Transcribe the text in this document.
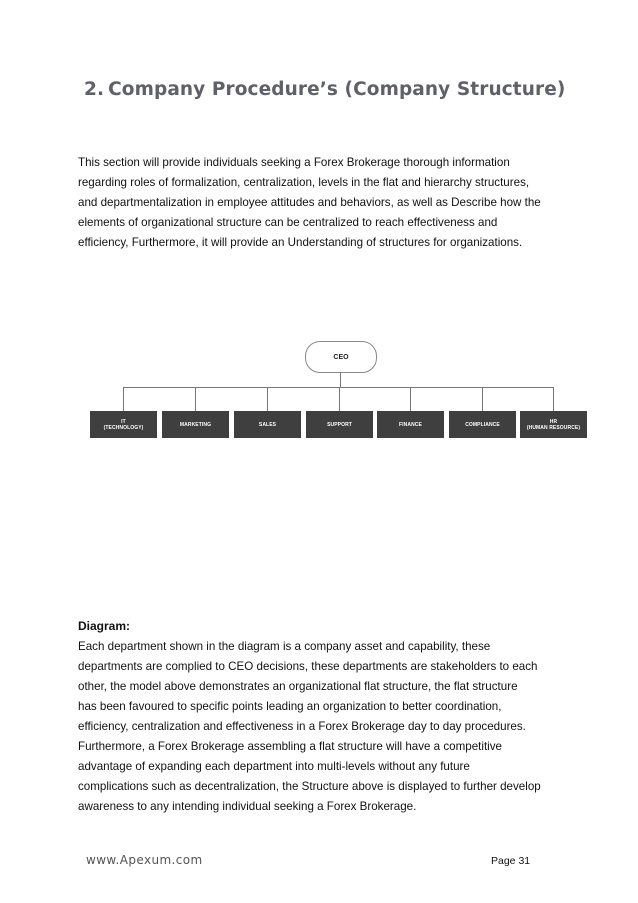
2. Company Procedure’s (Company Structure)

This section will provide individuals seeking a Forex Brokerage thorough information
regarding roles of formalization, centralization, levels in the flat and hierarchy structures,
and departmentalization in employee attitudes and behaviors, as well as Describe how the
elements of organizational structure can be centralized to reach effectiveness and
efficiency, Furthermore, it will provide an Understanding of structures for organizations.

CEO
IT
(TECHNOLOGY)	MARKETING	SALES	SUPPORT	FINANCE	COMPLIANCE	HR
(HUMAN RESOURCE)
Diagram:

Each department shown in the diagram is a company asset and capability, these
departments are complied to CEO decisions, these departments are stakeholders to each
other, the model above demonstrates an organizational flat structure, the flat structure
has been favoured to specific points leading an organization to better coordination,
efficiency, centralization and effectiveness in a Forex Brokerage day to day procedures.
Furthermore, a Forex Brokerage assembling a flat structure will have a competitive
advantage of expanding each department into multi-levels without any future
complications such as decentralization, the Structure above is displayed to further develop
awareness to any intending individual seeking a Forex Brokerage.

www.Apexum.com	Page 31
